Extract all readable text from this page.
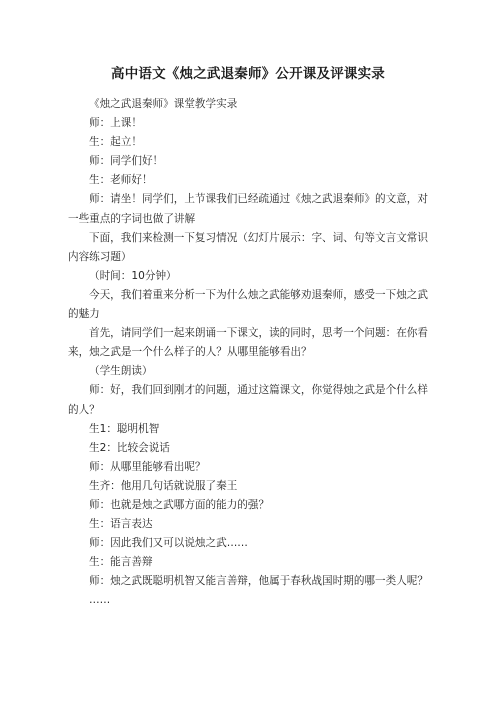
高中语文《烛之武退秦师》公开课及评课实录

《烛之武退秦师》课堂教学实录

师：上课！

生：起立！

师：同学们好！

生：老师好！

师：请坐！同学们，上节课我们已经疏通过《烛之武退秦师》的文意，对一些重点的字词也做了讲解

下面，我们来检测一下复习情况（幻灯片展示：字、词、句等文言文常识内容练习题）

（时间：10分钟）

今天，我们着重来分析一下为什么烛之武能够劝退秦师，感受一下烛之武的魅力

首先，请同学们一起来朗诵一下课文，读的同时，思考一个问题：在你看来，烛之武是一个什么样子的人？从哪里能够看出？

（学生朗读）

师：好，我们回到刚才的问题，通过这篇课文，你觉得烛之武是个什么样的人？

生1：聪明机智

生2：比较会说话

师：从哪里能够看出呢？

生齐：他用几句话就说服了秦王

师：也就是烛之武哪方面的能力的强？

生：语言表达

师：因此我们又可以说烛之武……

生：能言善辩

师：烛之武既聪明机智又能言善辩，他属于春秋战国时期的哪一类人呢？

……
